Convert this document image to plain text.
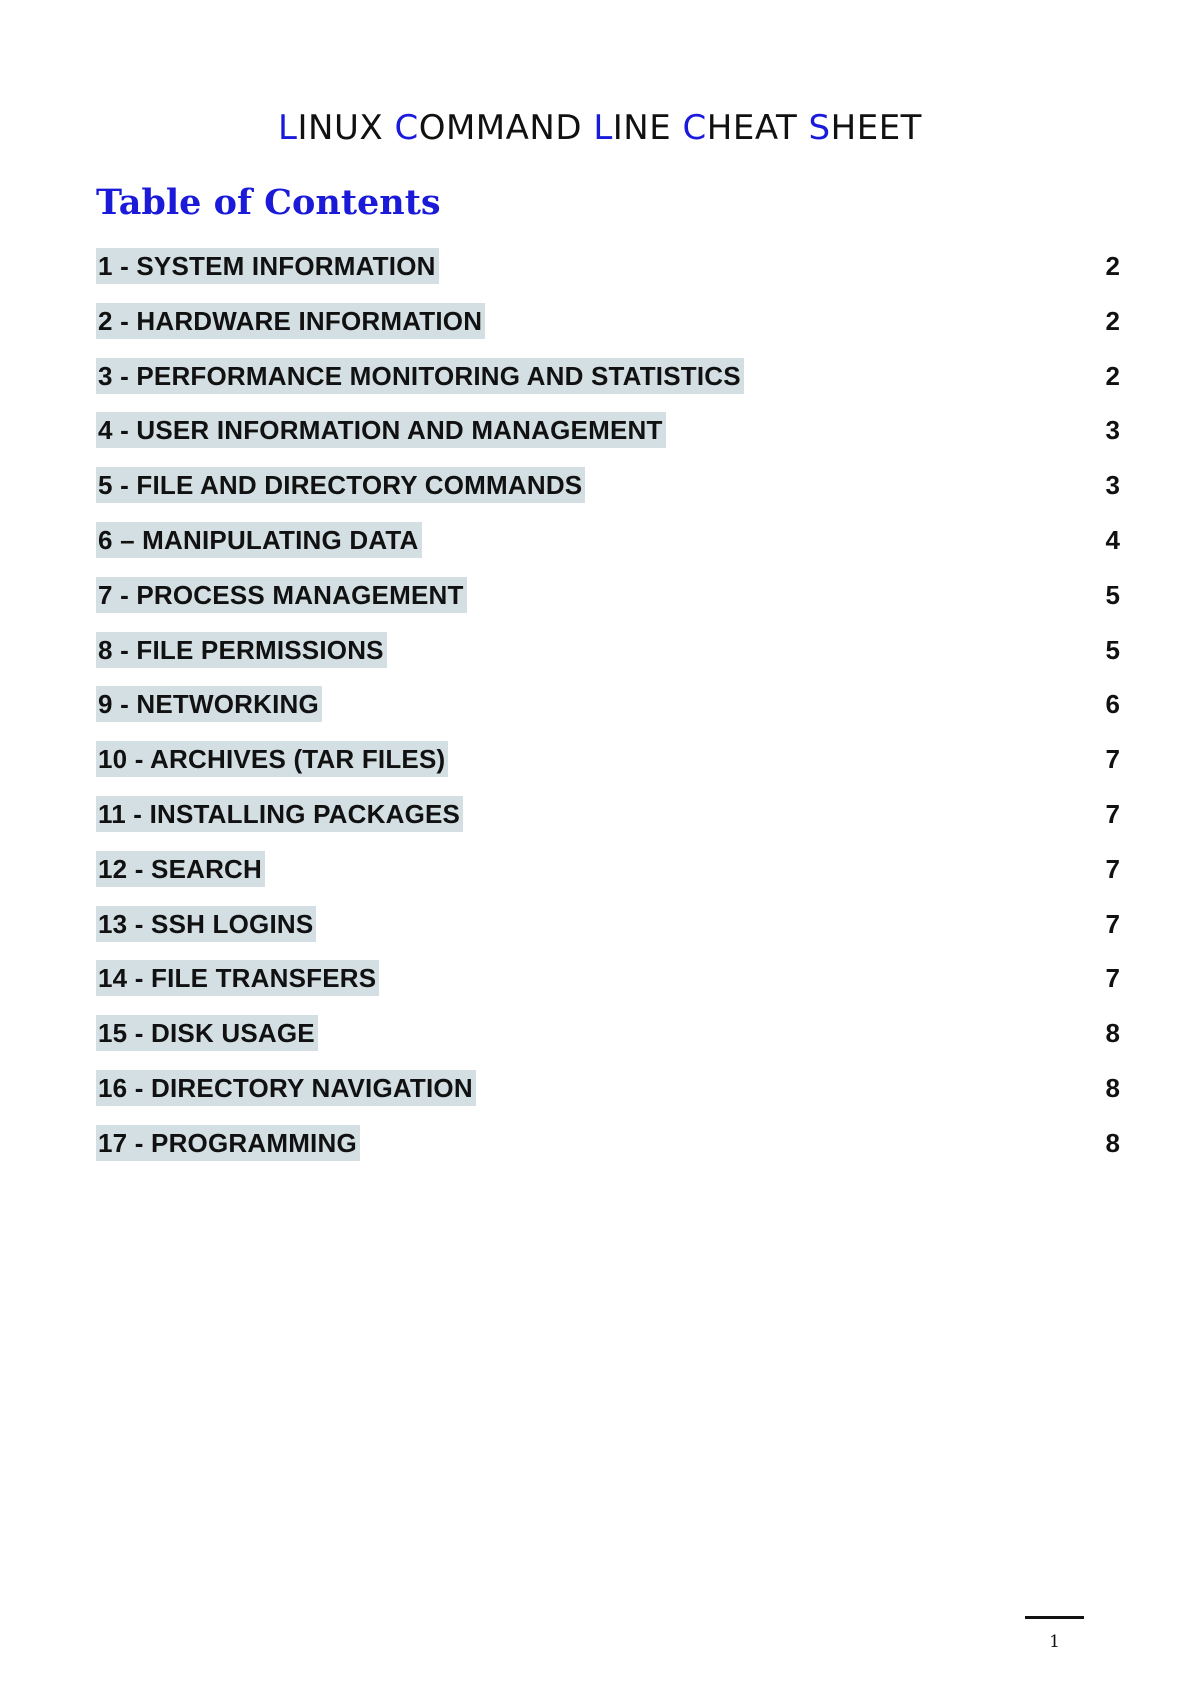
LINUX COMMAND LINE CHEAT SHEET
Table of Contents
1 - SYSTEM INFORMATION	2
2 - HARDWARE INFORMATION	2
3 - PERFORMANCE MONITORING AND STATISTICS	2
4 - USER INFORMATION AND MANAGEMENT	3
5 - FILE AND DIRECTORY COMMANDS	3
6 – MANIPULATING DATA	4
7 - PROCESS MANAGEMENT	5
8 - FILE PERMISSIONS	5
9 - NETWORKING	6
10 - ARCHIVES (TAR FILES)	7
11 - INSTALLING PACKAGES	7
12 - SEARCH	7
13 - SSH LOGINS	7
14 - FILE TRANSFERS	7
15 - DISK USAGE	8
16 - DIRECTORY NAVIGATION	8
17 - PROGRAMMING	8
1
